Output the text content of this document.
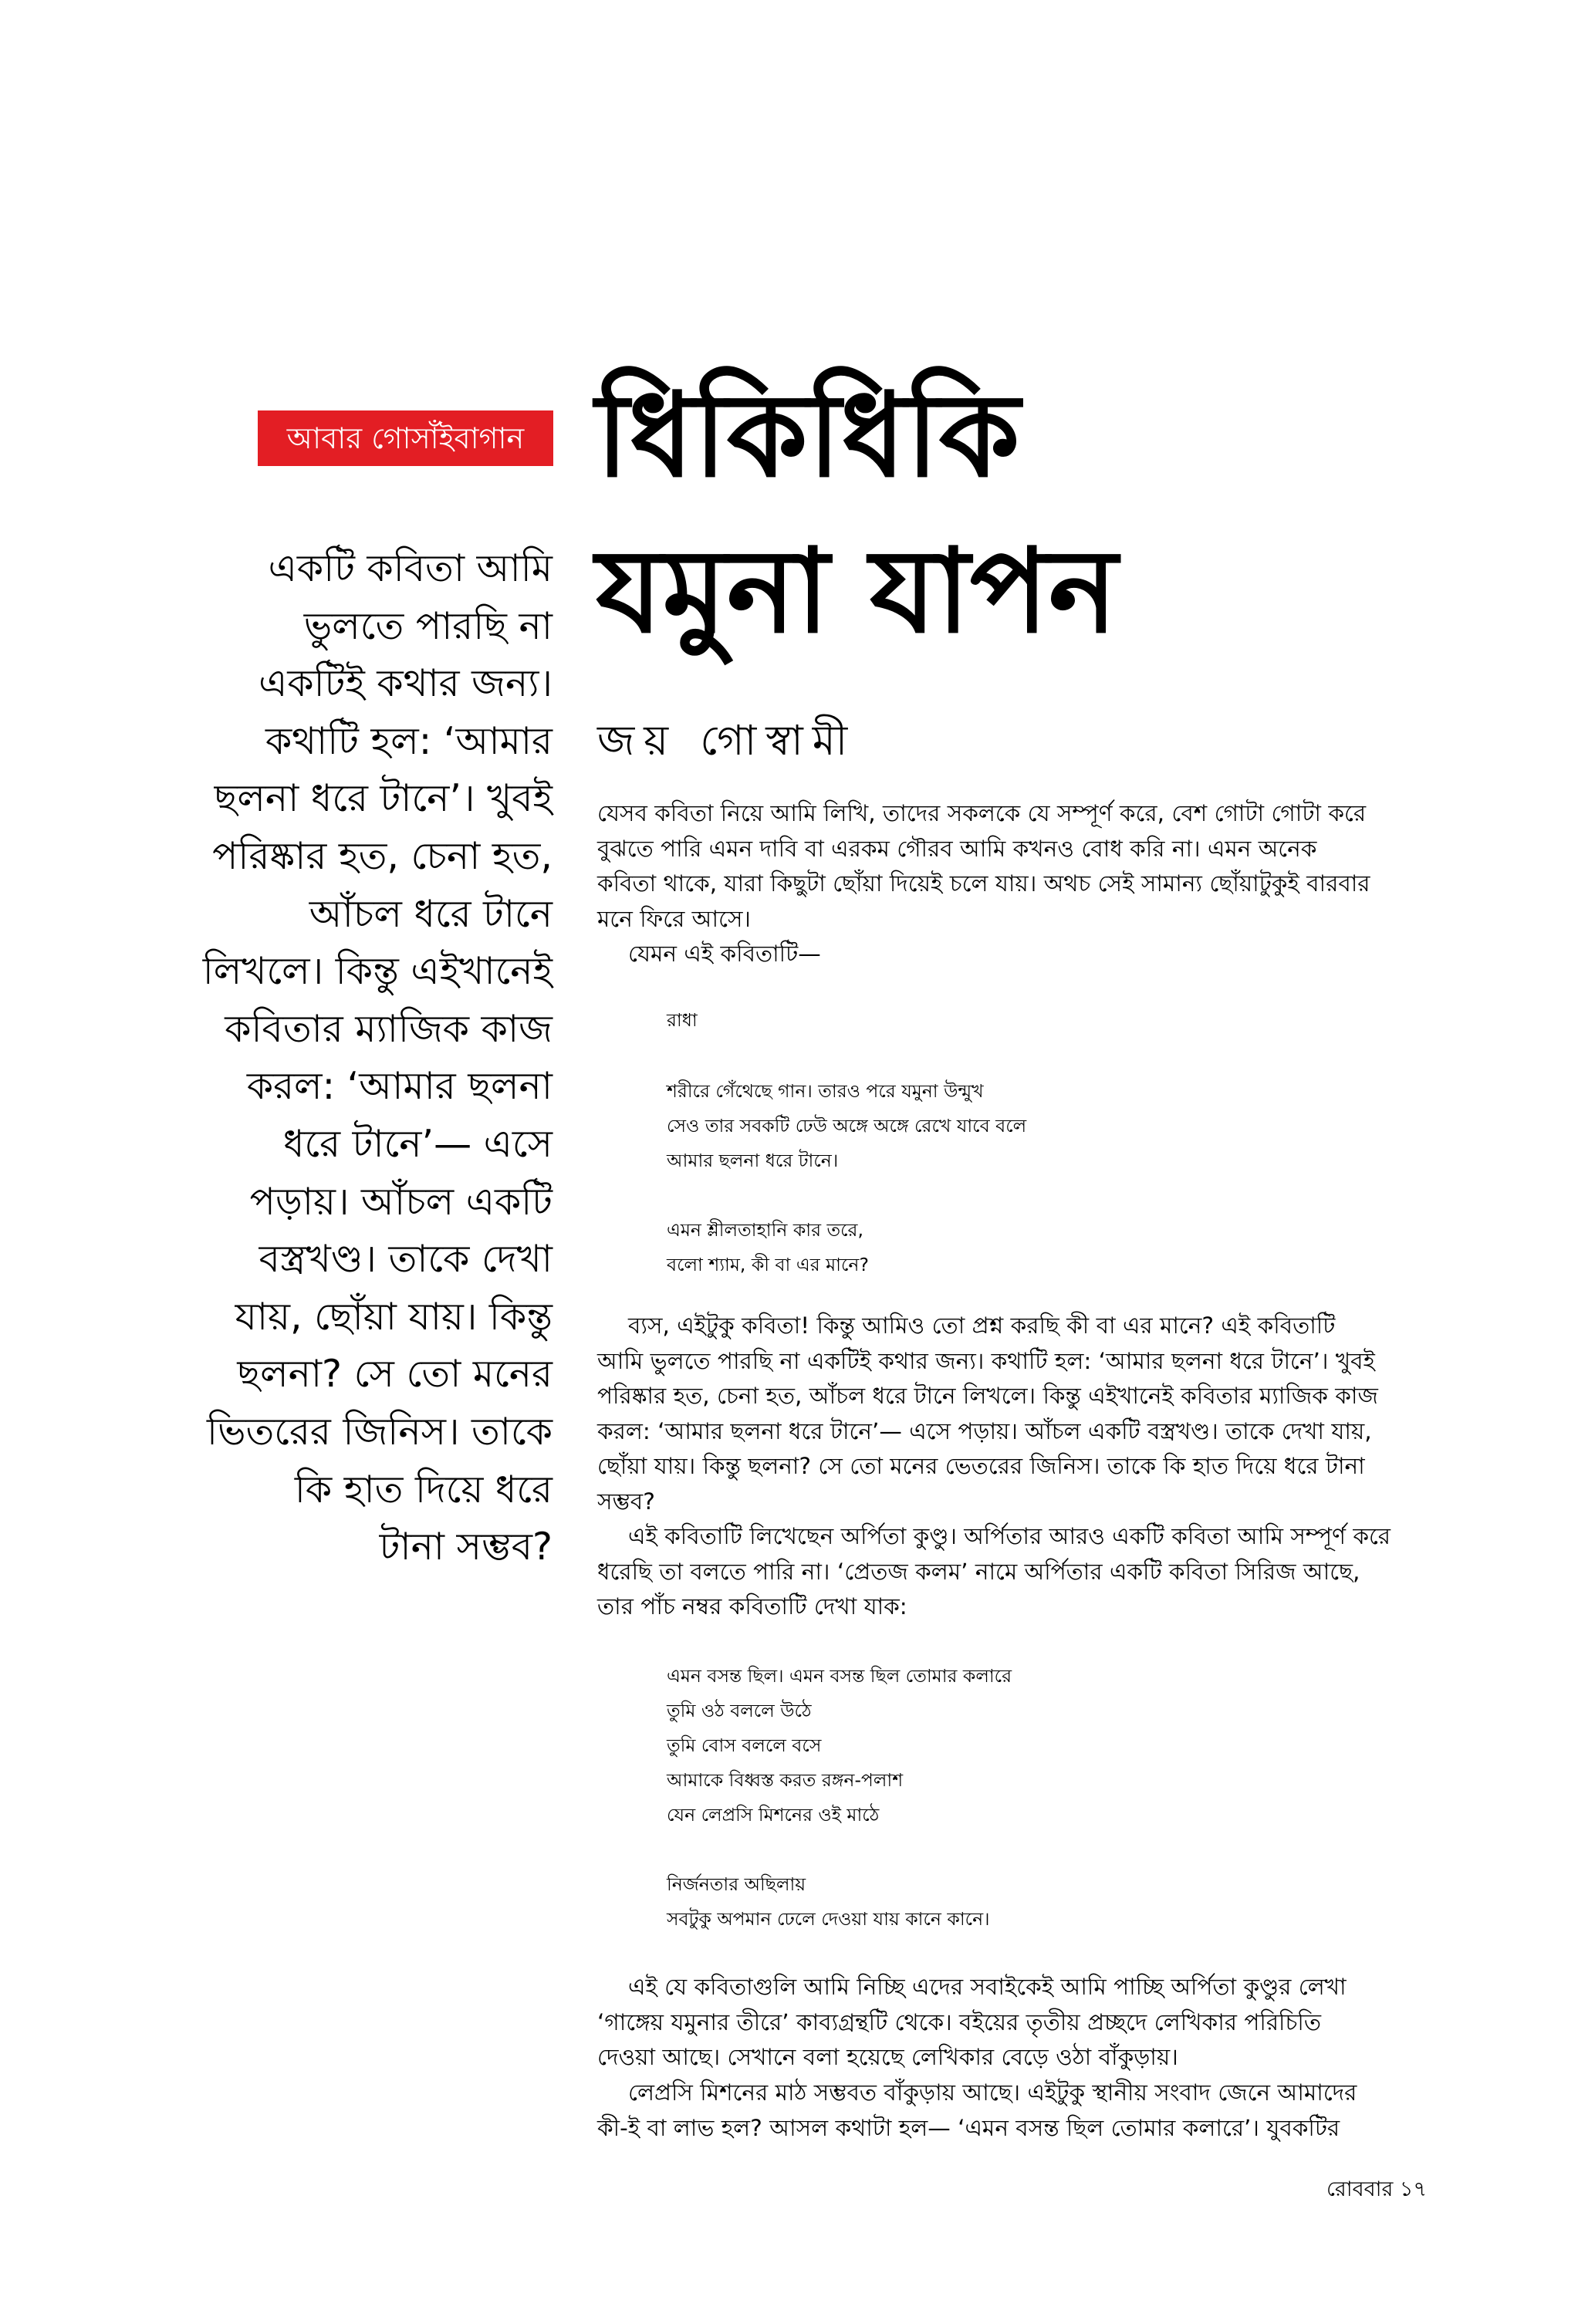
আবার গোসাঁইবাগান ধিকিধিকি
যমুনা যাপন
জয় গোস্বামী
একটি কবিতা আমি
ভুলতে পারছি না
একটিই কথার জন্য।
কথাটি হল: ‘আমার
ছলনা ধরে টানে’। খুবই
পরিষ্কার হত, চেনা হত,
আঁচল ধরে টানে
লিখলে। কিন্তু এইখানেই
কবিতার ম্যাজিক কাজ
করল: ‘আমার ছলনা
ধরে টানে’— এসে
পড়ায়। আঁচল একটি
বস্ত্রখণ্ড। তাকে দেখা
যায়, ছোঁয়া যায়। কিন্তু
ছলনা? সে তো মনের
ভিতরের জিনিস। তাকে
কি হাত দিয়ে ধরে
টানা সম্ভব?

যেসব কবিতা নিয়ে আমি লিখি, তাদের সকলকে যে সম্পূর্ণ করে, বেশ গোটা গোটা করে
বুঝতে পারি এমন দাবি বা এরকম গৌরব আমি কখনও বোধ করি না। এমন অনেক
কবিতা থাকে, যারা কিছুটা ছোঁয়া দিয়েই চলে যায়। অথচ সেই সামান্য ছোঁয়াটুকুই বারবার
মনে ফিরে আসে।
যেমন এই কবিতাটি—

রাধা
শরীরে গেঁথেছে গান। তারও পরে যমুনা উন্মুখ
সেও তার সবকটি ঢেউ অঙ্গে অঙ্গে রেখে যাবে বলে
আমার ছলনা ধরে টানে।
এমন শ্লীলতাহানি কার তরে,
বলো শ্যাম, কী বা এর মানে?

ব্যস, এইটুকু কবিতা! কিন্তু আমিও তো প্রশ্ন করছি কী বা এর মানে? এই কবিতাটি
আমি ভুলতে পারছি না একটিই কথার জন্য। কথাটি হল: ‘আমার ছলনা ধরে টানে’। খুবই
পরিষ্কার হত, চেনা হত, আঁচল ধরে টানে লিখলে। কিন্তু এইখানেই কবিতার ম্যাজিক কাজ
করল: ‘আমার ছলনা ধরে টানে’— এসে পড়ায়। আঁচল একটি বস্ত্রখণ্ড। তাকে দেখা যায়,
ছোঁয়া যায়। কিন্তু ছলনা? সে তো মনের ভেতরের জিনিস। তাকে কি হাত দিয়ে ধরে টানা
সম্ভব?

এই কবিতাটি লিখেছেন অর্পিতা কুণ্ডু। অর্পিতার আরও একটি কবিতা আমি সম্পূর্ণ করে
ধরেছি তা বলতে পারি না। ‘প্রেতজ কলম’ নামে অর্পিতার একটি কবিতা সিরিজ আছে,
তার পাঁচ নম্বর কবিতাটি দেখা যাক:

এমন বসন্ত ছিল। এমন বসন্ত ছিল তোমার কলারে
তুমি ওঠ বললে উঠে
তুমি বোস বললে বসে
আমাকে বিধ্বস্ত করত রঙ্গন-পলাশ
যেন লেপ্রসি মিশনের ওই মাঠে
নির্জনতার অছিলায়
সবটুকু অপমান ঢেলে দেওয়া যায় কানে কানে।

এই যে কবিতাগুলি আমি নিচ্ছি এদের সবাইকেই আমি পাচ্ছি অর্পিতা কুণ্ডুর লেখা
‘গাঙ্গেয় যমুনার তীরে’ কাব্যগ্রন্থটি থেকে। বইয়ের তৃতীয় প্রচ্ছদে লেখিকার পরিচিতি
দেওয়া আছে। সেখানে বলা হয়েছে লেখিকার বেড়ে ওঠা বাঁকুড়ায়।

লেপ্রসি মিশনের মাঠ সম্ভবত বাঁকুড়ায় আছে। এইটুকু স্থানীয় সংবাদ জেনে আমাদের
কী-ই বা লাভ হল? আসল কথাটা হল— ‘এমন বসন্ত ছিল তোমার কলারে’। যুবকটির

রোববার ১৭
